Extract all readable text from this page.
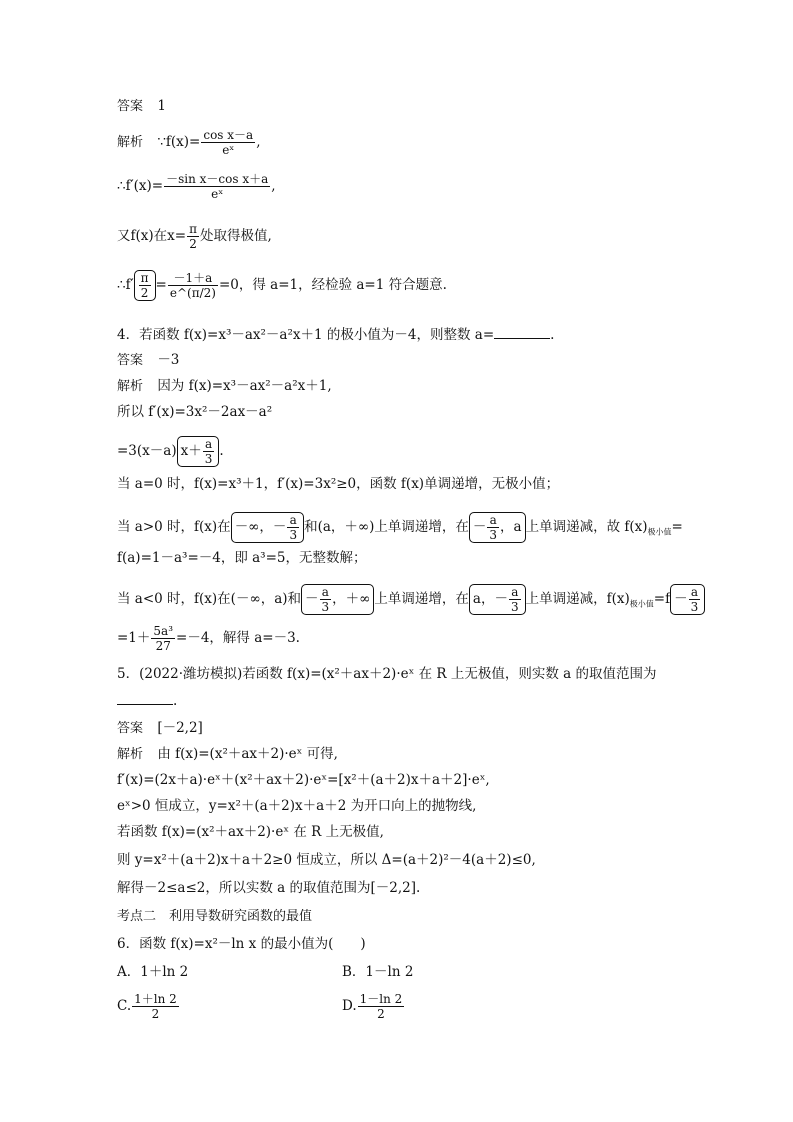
答案 1
解析 ∵f(x)= $\frac{\text{cos x－a}}{\text{eˣ}}$ ,
∴f′(x)= $\frac{\text{－sin x－cos x＋a}}{\text{eˣ}}$ ,
又f(x)在$x= \frac{\pi}{2}$ 处取得极值,
∴f′ $\frac{\pi}{2} = \frac{-1+a}{e\^{}(\pi/2)} =0$，得 a=1，经检验 a=1 符合题意.
4．若函数 f(x)=x³－ax²－a²x＋1 的极小值为－4，则整数 a=	.
答案 －3
解析 因为 f(x)=x³－ax²－a²x＋1,
所以 f′(x)=3x²－2ax－a²
=3(x－a) $x+ \frac{a}{3}$ .
当 a=0 时，f(x)=x³＋1，f′(x)=3x²≥0，函数 f(x)单调递增，无极小值；
当 a>0 时，f(x)在 －∞，－ $\frac{a}{3}$ 和(a，＋∞)上单调递增，在 － $\frac{a}{3}$ ，a 上单调递减，故 $f(x)_{极小值}=$
f(a)=1－a³=－4，即 a³=5，无整数解；
当 a<0 时，f(x)在(－∞，a)和 － $\frac{a}{3}$ ，＋∞ 上单调递增，在 a，－ $\frac{a}{3}$ 上单调递减，$f(x)_{极小值}=f - \frac{a}{3}$
$=1+ \frac{\text{5a³}}{27} =-4$，解得 a=－3.
5．(2022·潍坊模拟)若函数 f(x)=(x²＋ax＋2)·eˣ 在 R 上无极值，则实数 a 的取值范围为
.
答案 [－2,2]
解析 由 f(x)=(x²＋ax＋2)·eˣ 可得,
f′(x)=(2x＋a)·eˣ＋(x²＋ax＋2)·eˣ=[x²＋(a＋2)x＋a＋2]·eˣ,
eˣ>0 恒成立，y=x²＋(a＋2)x＋a＋2 为开口向上的抛物线,
若函数 f(x)=(x²＋ax＋2)·eˣ 在 R 上无极值,
则 y=x²＋(a＋2)x＋a＋2≥0 恒成立，所以 Δ=(a＋2)²－4(a＋2)≤0,
解得－2≤a≤2，所以实数 a 的取值范围为[－2,2].
考点二　利用导数研究函数的最值
6．函数 f(x)=x²－ln x 的最小值为(　　)
A．1＋ln 2	B．1－ln 2
C. $\frac{1+\ln 2}{2}$	D. $\frac{1-\ln 2}{2}$
